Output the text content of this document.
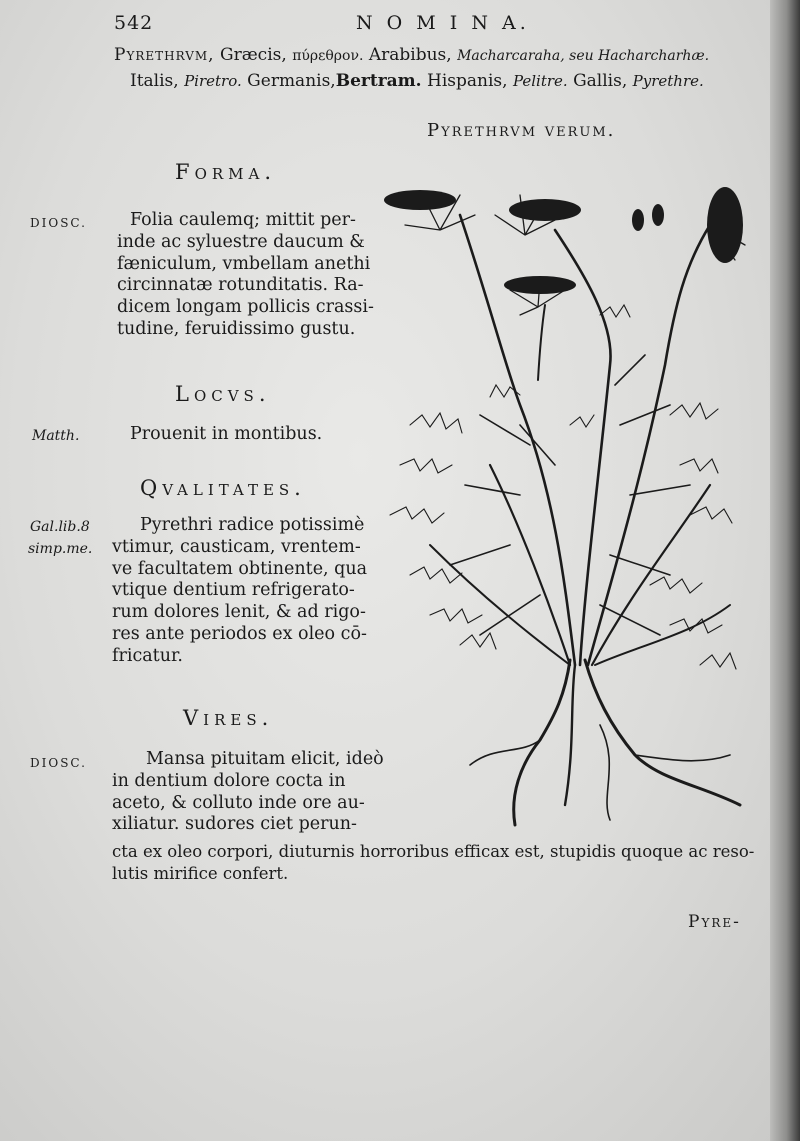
542	N O M I N A.
Pyrethrvm, Græcis, πύρεθρον. Arabibus, Macharcaraha, seu Hacharcharhæ.
Italis, Piretro. Germanis,Bertram. Hispanis, Pelitre. Gallis, Pyrethre.
Pyrethrvm verum.
Forma.
DIOSC.	Folia caulemq; mittit per-
inde ac syluestre daucum &
fæniculum, vmbellam anethi
circinnatæ rotunditatis. Ra-
dicem longam pollicis crassi-
tudine, feruidissimo gustu.
Locvs.
Matth.	Prouenit in montibus.
Qvalitates.
Gal.lib.8
simp.me.
Pyrethri radice potissimè
vtimur, causticam, vrentem-
ve facultatem obtinente, qua
vtique dentium refrigerato-
rum dolores lenit, & ad rigo-
res ante periodos ex oleo cō-
fricatur.
Vires.
DIOSC.	Mansa pituitam elicit, ideò
in dentium dolore cocta in
aceto, & colluto inde ore au-
xiliatur. sudores ciet perun-
cta ex oleo corpori, diuturnis horroribus efficax est, stupidis quoque ac reso-
lutis mirifice confert.
Pyre-
